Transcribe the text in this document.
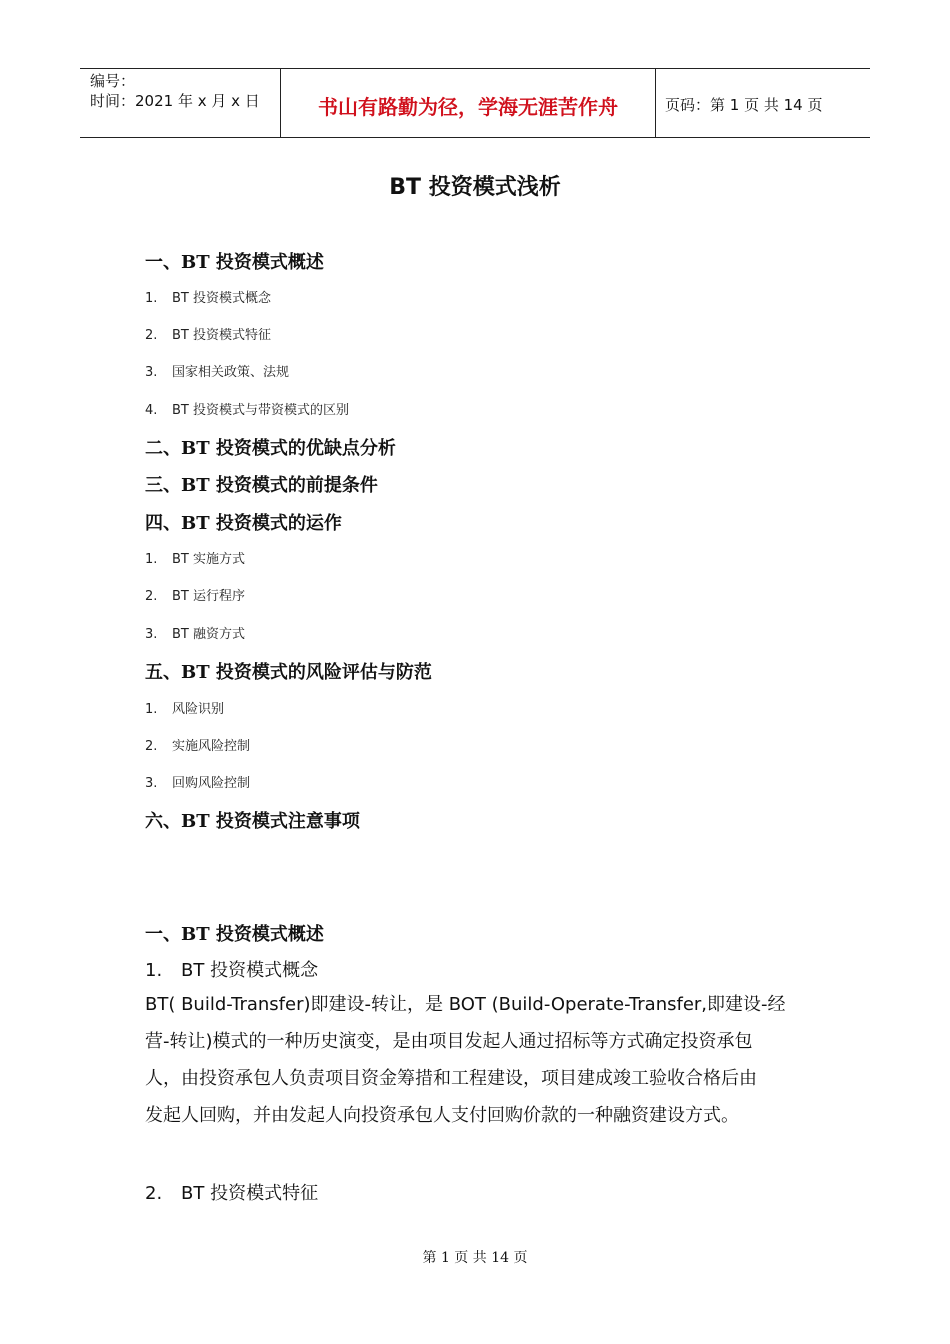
编号：
时间：2021 年 x 月 x 日	书山有路勤为径，学海无涯苦作舟	页码：第 1 页 共 14 页
BT 投资模式浅析
一、BT 投资模式概述
1. BT 投资模式概念
2. BT 投资模式特征
3. 国家相关政策、法规
4. BT 投资模式与带资模式的区别
二、BT 投资模式的优缺点分析
三、BT 投资模式的前提条件
四、BT 投资模式的运作
1. BT 实施方式
2. BT 运行程序
3. BT 融资方式
五、BT 投资模式的风险评估与防范
1. 风险识别
2. 实施风险控制
3. 回购风险控制
六、BT 投资模式注意事项
一、BT 投资模式概述
1. BT 投资模式概念
BT( Build-Transfer)即建设-转让，是 BOT (Build-Operate-Transfer,即建设-经
营-转让)模式的一种历史演变，是由项目发起人通过招标等方式确定投资承包
人，由投资承包人负责项目资金筹措和工程建设，项目建成竣工验收合格后由
发起人回购，并由发起人向投资承包人支付回购价款的一种融资建设方式。
2. BT 投资模式特征
第 1 页 共 14 页
